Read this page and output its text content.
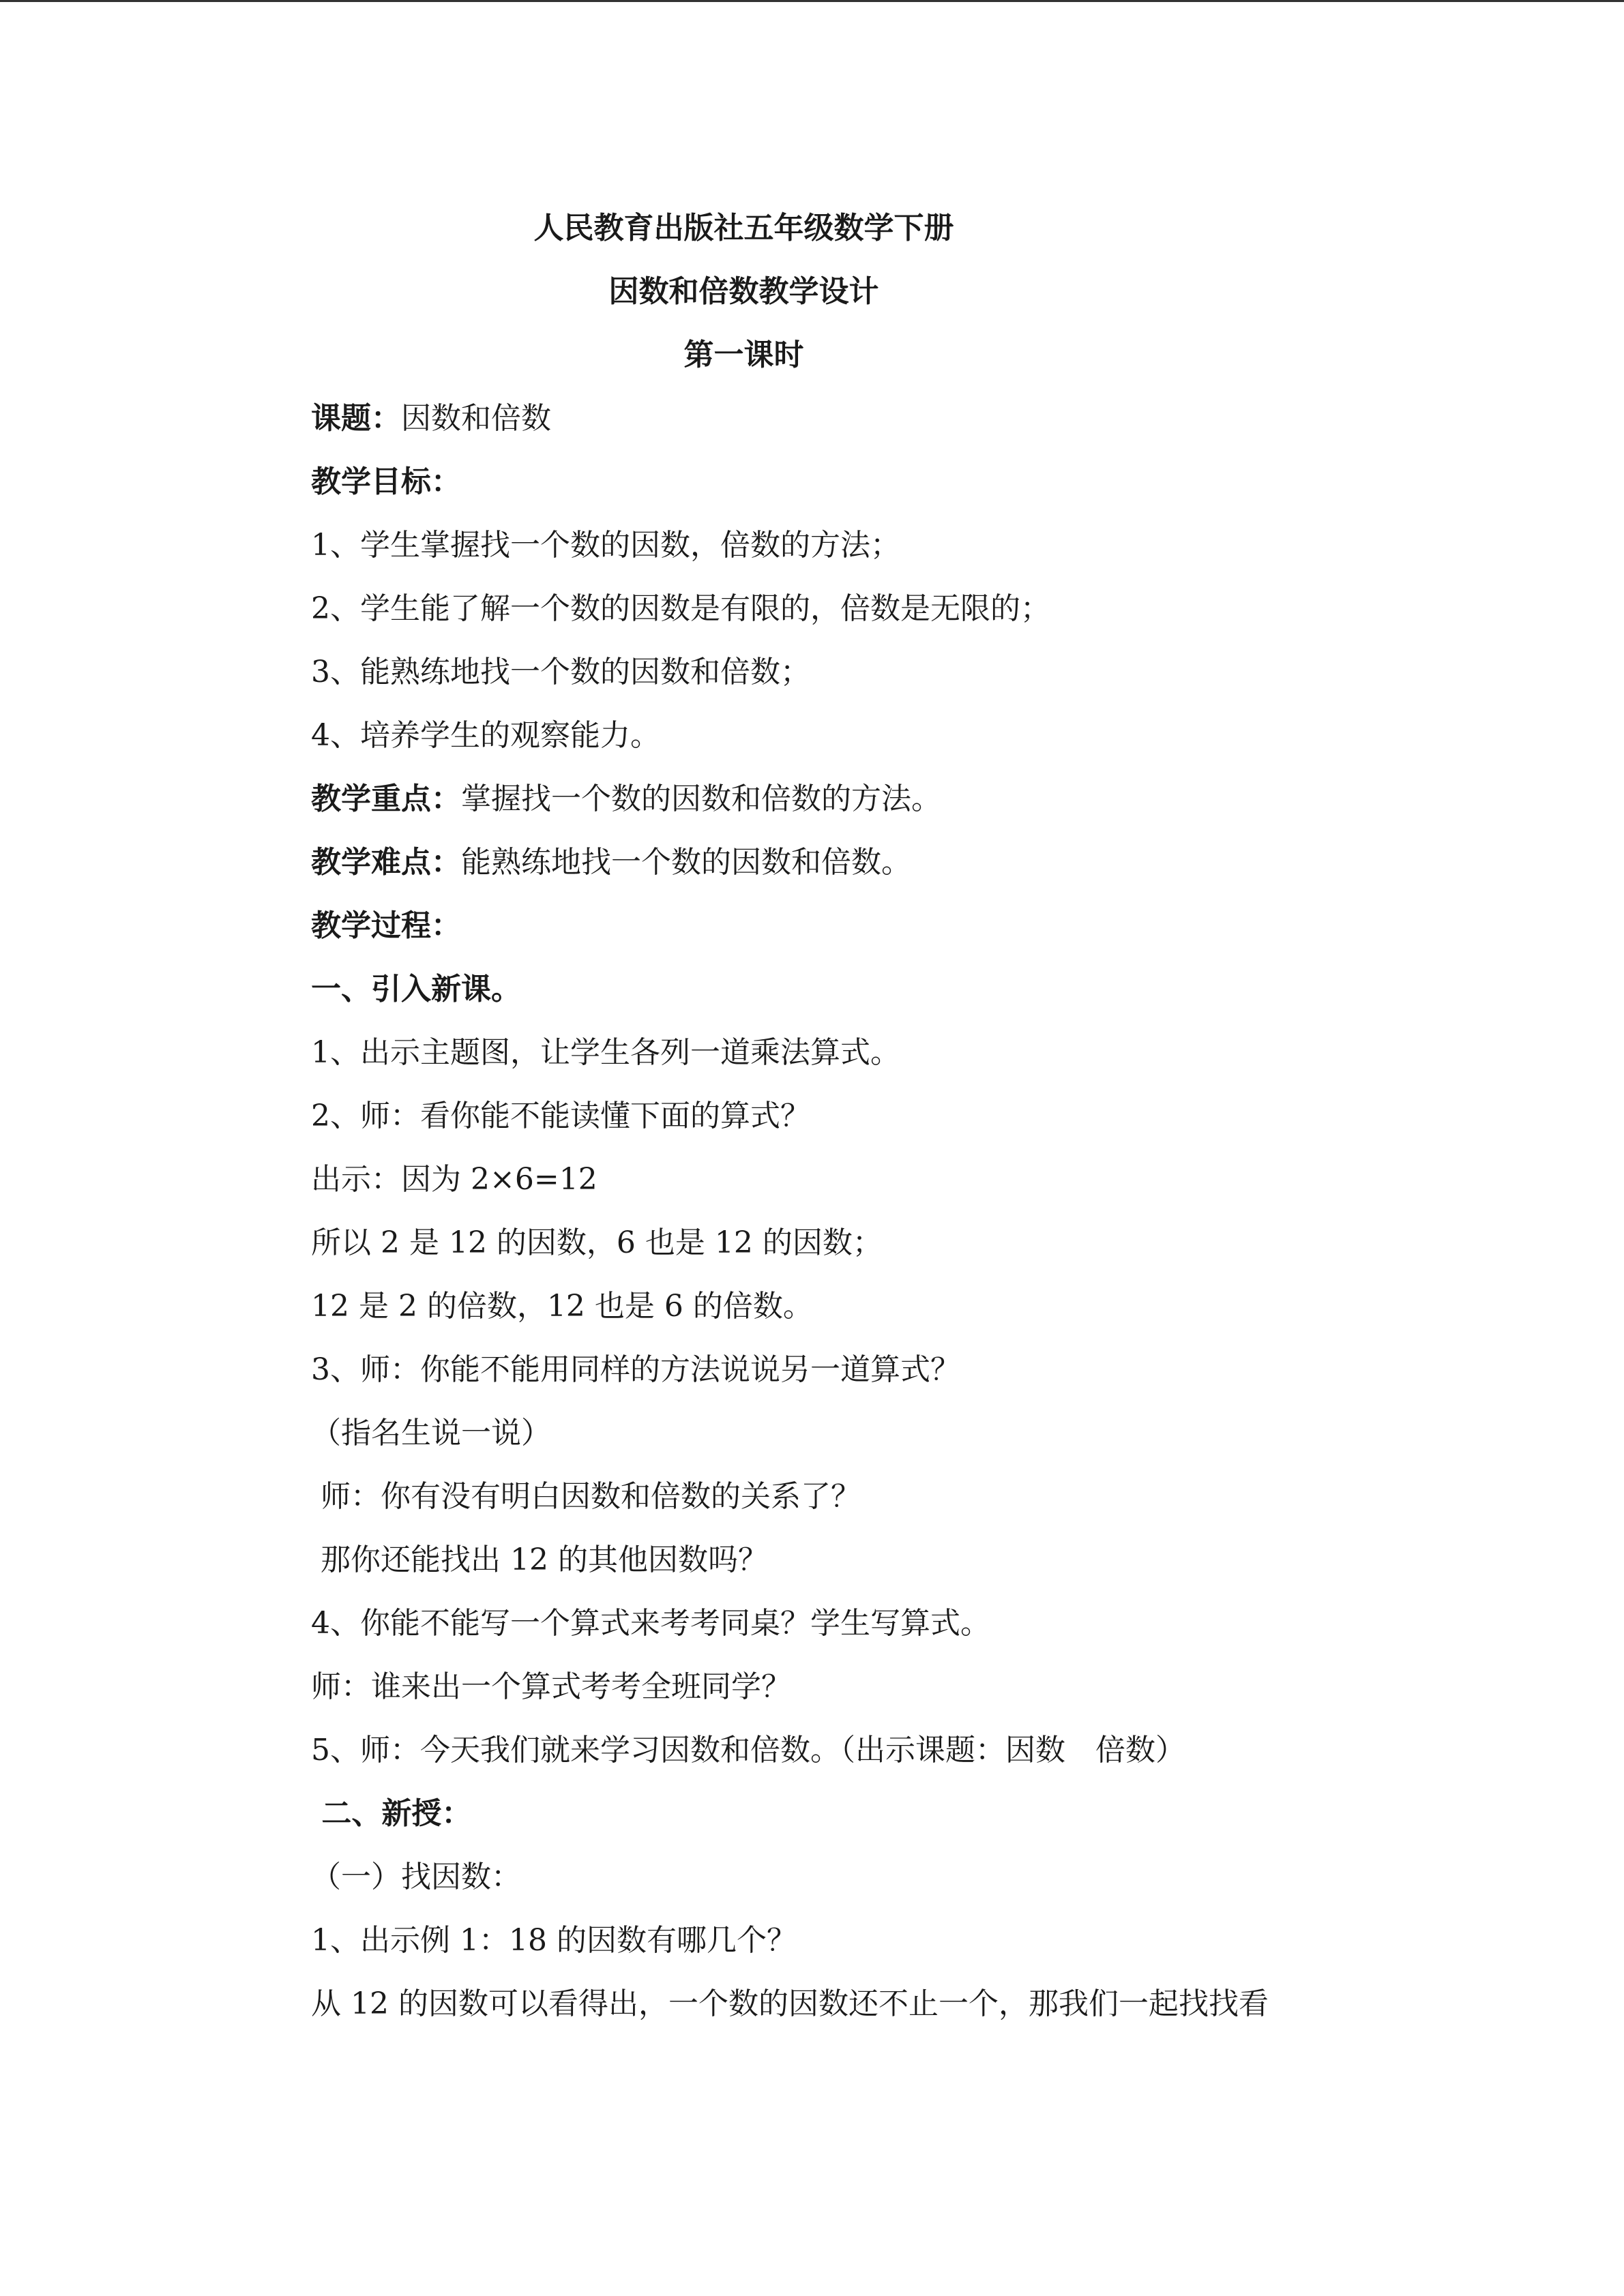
人民教育出版社五年级数学下册
因数和倍数教学设计
第一课时
课题：因数和倍数
教学目标：
1、学生掌握找一个数的因数，倍数的方法；
2、学生能了解一个数的因数是有限的，倍数是无限的；
3、能熟练地找一个数的因数和倍数；
4、培养学生的观察能力。
教学重点：掌握找一个数的因数和倍数的方法。
教学难点：能熟练地找一个数的因数和倍数。
教学过程：
一、引入新课。
1、出示主题图，让学生各列一道乘法算式。
2、师：看你能不能读懂下面的算式？
出示：因为 2×6=12
所以 2 是 12 的因数，6 也是 12 的因数；
12 是 2 的倍数，12 也是 6 的倍数。
3、师：你能不能用同样的方法说说另一道算式？
（指名生说一说）
师：你有没有明白因数和倍数的关系了？
那你还能找出 12 的其他因数吗？
4、你能不能写一个算式来考考同桌？学生写算式。
师：谁来出一个算式考考全班同学？
5、师：今天我们就来学习因数和倍数。（出示课题：因数　倍数）
二、新授：
（一）找因数：
1、出示例 1：18 的因数有哪几个？
从 12 的因数可以看得出，一个数的因数还不止一个，那我们一起找找看
